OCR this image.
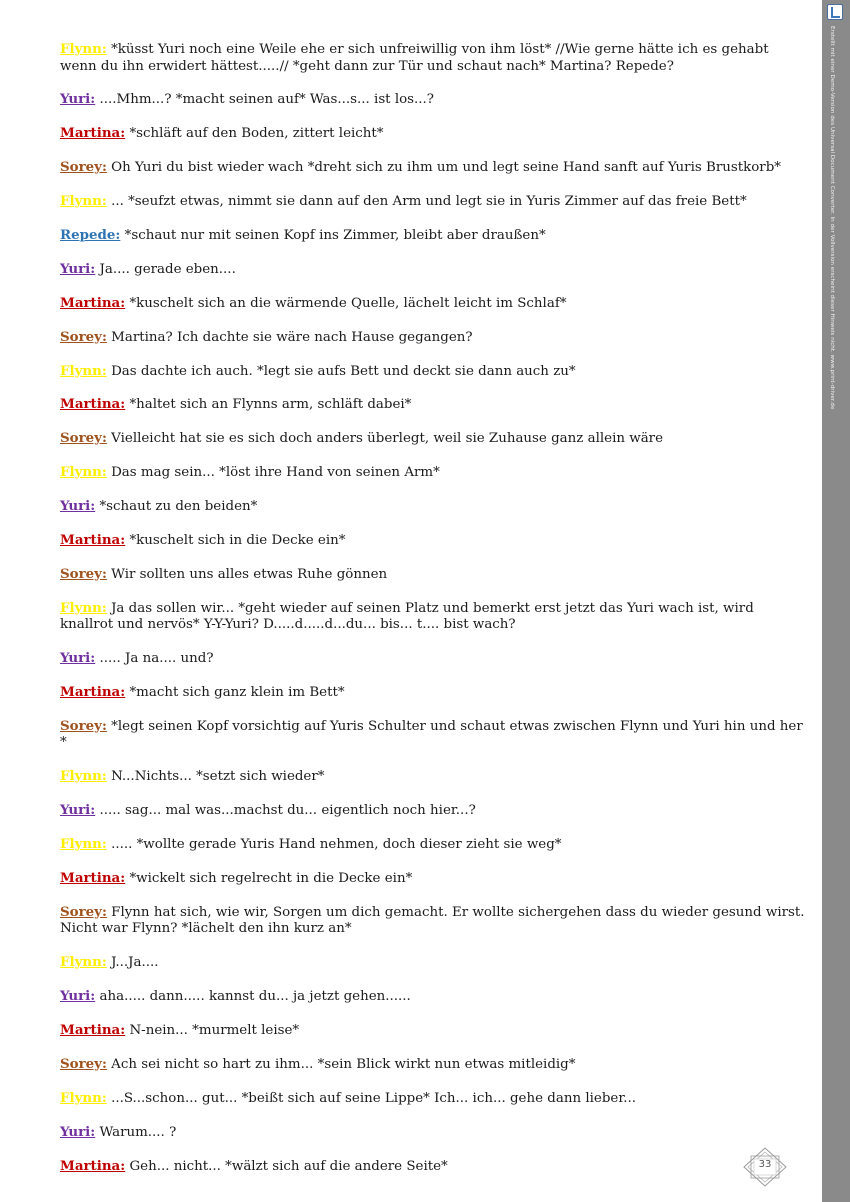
Flynn: *küsst Yuri noch eine Weile ehe er sich unfreiwillig von ihm löst* //Wie gerne hätte ich es gehabt wenn du ihn erwidert hättest.....// *geht dann zur Tür und schaut nach* Martina? Repede?
Yuri: ....Mhm...? *macht seinen auf* Was...s... ist los...?
Martina: *schläft auf den Boden, zittert leicht*
Sorey: Oh Yuri du bist wieder wach *dreht sich zu ihm um und legt seine Hand sanft auf Yuris Brustkorb*
Flynn: ... *seufzt etwas, nimmt sie dann auf den Arm und legt sie in Yuris Zimmer auf das freie Bett*
Repede: *schaut nur mit seinen Kopf ins Zimmer, bleibt aber draußen*
Yuri: Ja.... gerade eben....
Martina: *kuschelt sich an die wärmende Quelle, lächelt leicht im Schlaf*
Sorey: Martina? Ich dachte sie wäre nach Hause gegangen?
Flynn: Das dachte ich auch. *legt sie aufs Bett und deckt sie dann auch zu*
Martina: *haltet sich an Flynns arm, schläft dabei*
Sorey: Vielleicht hat sie es sich doch anders überlegt, weil sie Zuhause ganz allein wäre
Flynn: Das mag sein... *löst ihre Hand von seinen Arm*
Yuri: *schaut zu den beiden*
Martina: *kuschelt sich in die Decke ein*
Sorey: Wir sollten uns alles etwas Ruhe gönnen
Flynn: Ja das sollen wir... *geht wieder auf seinen Platz und bemerkt erst jetzt das Yuri wach ist, wird knallrot und nervös* Y-Y-Yuri? D.....d.....d...du... bis... t.... bist wach?
Yuri: ..... Ja na.... und?
Martina: *macht sich ganz klein im Bett*
Sorey: *legt seinen Kopf vorsichtig auf Yuris Schulter und schaut etwas zwischen Flynn und Yuri hin und her *
Flynn: N...Nichts... *setzt sich wieder*
Yuri: ..... sag... mal was...machst du... eigentlich noch hier...?
Flynn: ..... *wollte gerade Yuris Hand nehmen, doch dieser zieht sie weg*
Martina: *wickelt sich regelrecht in die Decke ein*
Sorey: Flynn hat sich, wie wir, Sorgen um dich gemacht. Er wollte sichergehen dass du wieder gesund wirst. Nicht war Flynn? *lächelt den ihn kurz an*
Flynn: J...Ja....
Yuri: aha..... dann..... kannst du... ja jetzt gehen......
Martina: N-nein... *murmelt leise*
Sorey: Ach sei nicht so hart zu ihm... *sein Blick wirkt nun etwas mitleidig*
Flynn: ...S...schon... gut... *beißt sich auf seine Lippe* Ich... ich... gehe dann lieber...
Yuri: Warum.... ?
Martina: Geh... nicht... *wälzt sich auf die andere Seite*	33
Erstellt mit einer Demo-Version des Universal Document Converter. In der Vollversion erscheint dieser Hinweis nicht. www.print-driver.de
